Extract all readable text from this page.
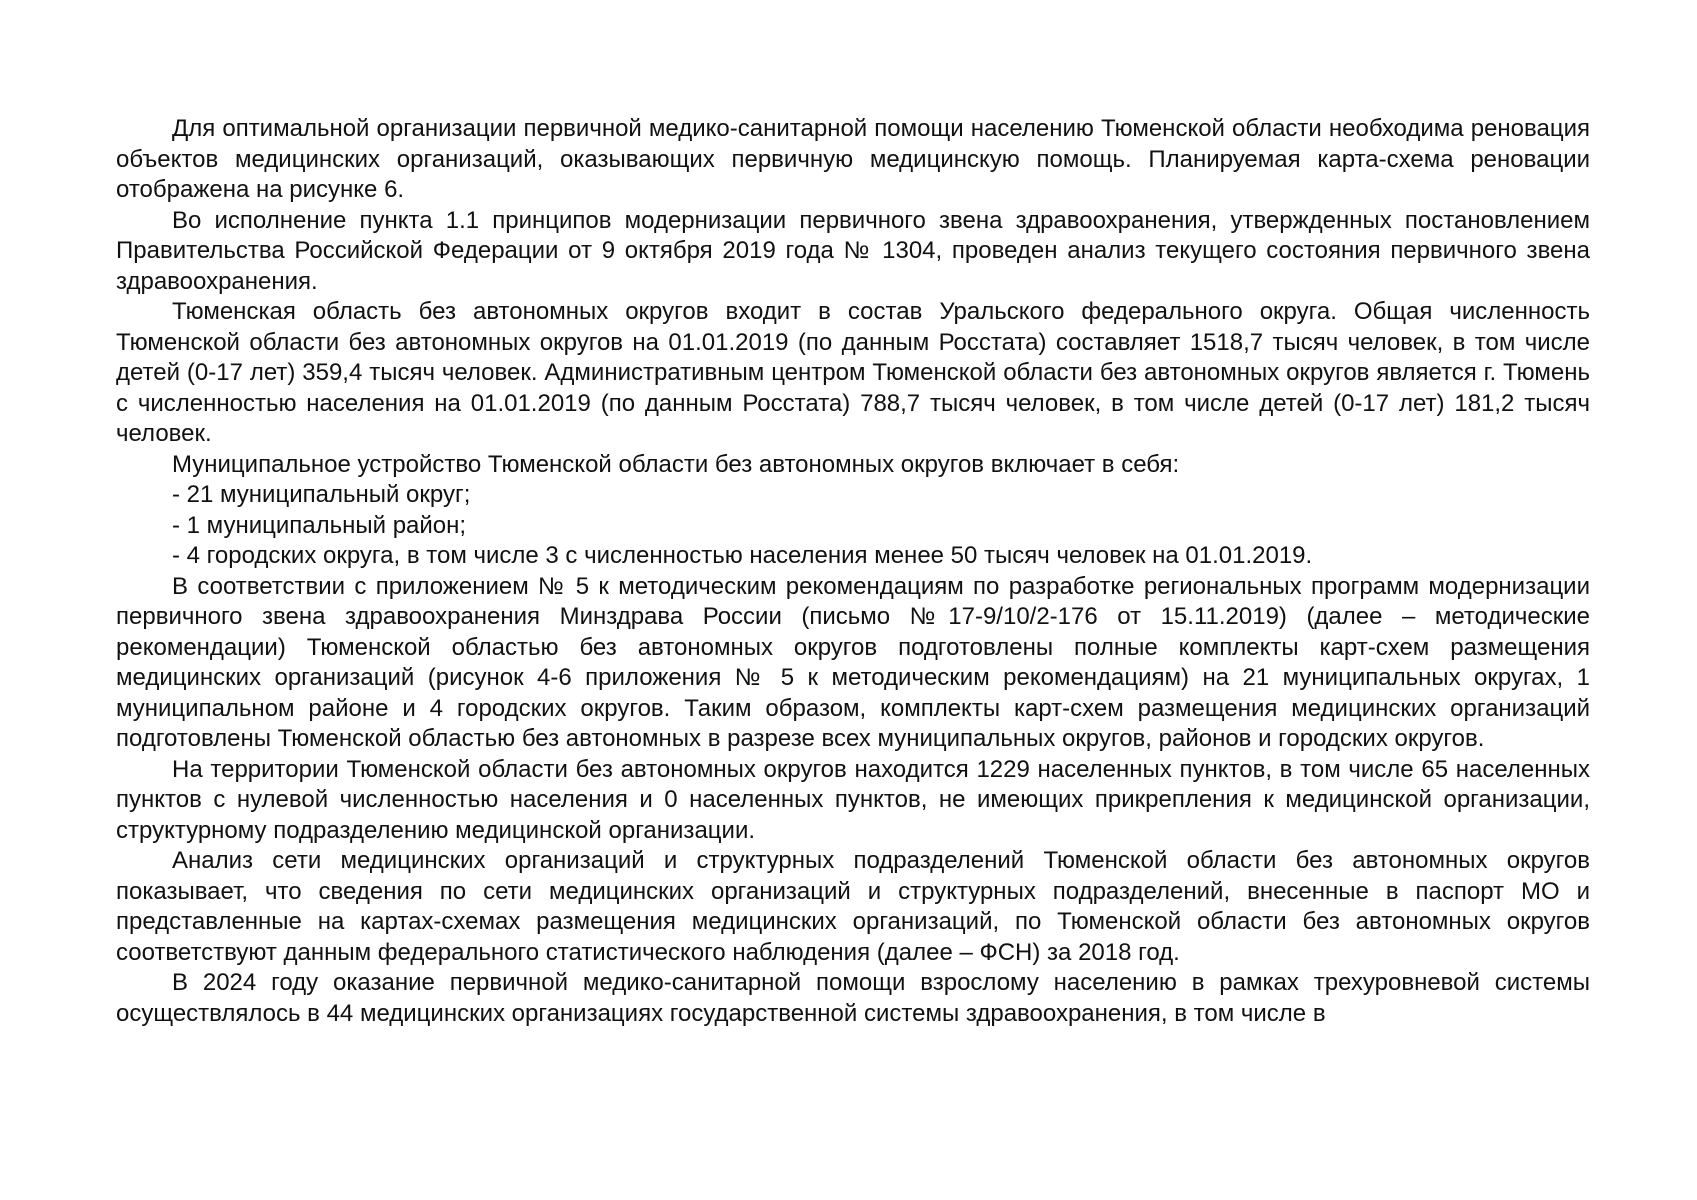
Для оптимальной организации первичной медико-санитарной помощи населению Тюменской области необходима реновация объектов медицинских организаций, оказывающих первичную медицинскую помощь. Планируемая карта-схема реновации отображена на рисунке 6.

Во исполнение пункта 1.1 принципов модернизации первичного звена здравоохранения, утвержденных постановлением Правительства Российской Федерации от 9 октября 2019 года № 1304, проведен анализ текущего состояния первичного звена здравоохранения.

Тюменская область без автономных округов входит в состав Уральского федерального округа. Общая численность Тюменской области без автономных округов на 01.01.2019 (по данным Росстата) составляет 1518,7 тысяч человек, в том числе детей (0-17 лет) 359,4 тысяч человек. Административным центром Тюменской области без автономных округов является г. Тюмень с численностью населения на 01.01.2019 (по данным Росстата) 788,7 тысяч человек, в том числе детей (0-17 лет) 181,2 тысяч человек.

Муниципальное устройство Тюменской области без автономных округов включает в себя:

- 21 муниципальный округ;

- 1 муниципальный район;

- 4 городских округа, в том числе 3 с численностью населения менее 50 тысяч человек на 01.01.2019.

В соответствии с приложением № 5 к методическим рекомендациям по разработке региональных программ модернизации первичного звена здравоохранения Минздрава России (письмо №17-9/10/2-176 от 15.11.2019) (далее – методические рекомендации) Тюменской областью без автономных округов подготовлены полные комплекты карт-схем размещения медицинских организаций (рисунок 4-6 приложения № 5 к методическим рекомендациям) на 21 муниципальных округах, 1 муниципальном районе и 4 городских округов. Таким образом, комплекты карт-схем размещения медицинских организаций подготовлены Тюменской областью без автономных в разрезе всех муниципальных округов, районов и городских округов.

На территории Тюменской области без автономных округов находится 1229 населенных пунктов, в том числе 65 населенных пунктов с нулевой численностью населения и 0 населенных пунктов, не имеющих прикрепления к медицинской организации, структурному подразделению медицинской организации.

Анализ сети медицинских организаций и структурных подразделений Тюменской области без автономных округов показывает, что сведения по сети медицинских организаций и структурных подразделений, внесенные в паспорт МО и представленные на картах-схемах размещения медицинских организаций, по Тюменской области без автономных округов соответствуют данным федерального статистического наблюдения (далее – ФСН) за 2018 год.

В 2024 году оказание первичной медико-санитарной помощи взрослому населению в рамках трехуровневой системы осуществлялось в 44 медицинских организациях государственной системы здравоохранения, в том числе в
